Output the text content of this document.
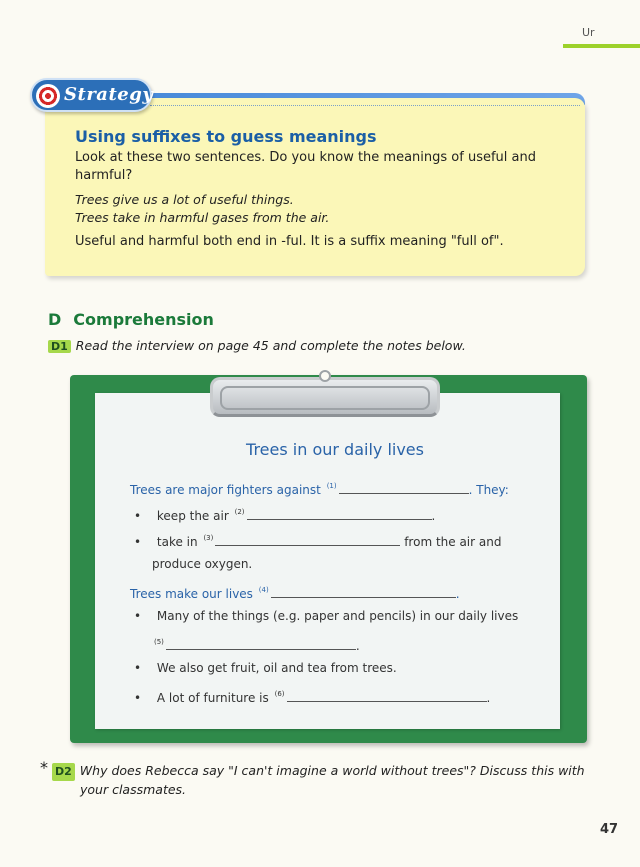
Ur
Strategy
Using suffixes to guess meanings

Look at these two sentences. Do you know the meanings of useful and harmful?

Trees give us a lot of useful things.

Trees take in harmful gases from the air.

Useful and harmful both end in -ful. It is a suffix meaning "full of".

D Comprehension
D1 Read the interview on page 45 and complete the notes below.
Trees in our daily lives
Trees are major fighters against $^{(1)}$	. They:
• keep the air $^{(2)}$	.
• take in $^{(3)}$	from the air and
produce oxygen.
Trees make our lives $^{(4)}$	.
• Many of the things (e.g. paper and pencils) in our daily lives
$^{(5)}$	.
• We also get fruit, oil and tea from trees.
• A lot of furniture is $^{(6)}$	.
* D2 Why does Rebecca say "I can't imagine a world without trees"? Discuss this with
your classmates.
47
